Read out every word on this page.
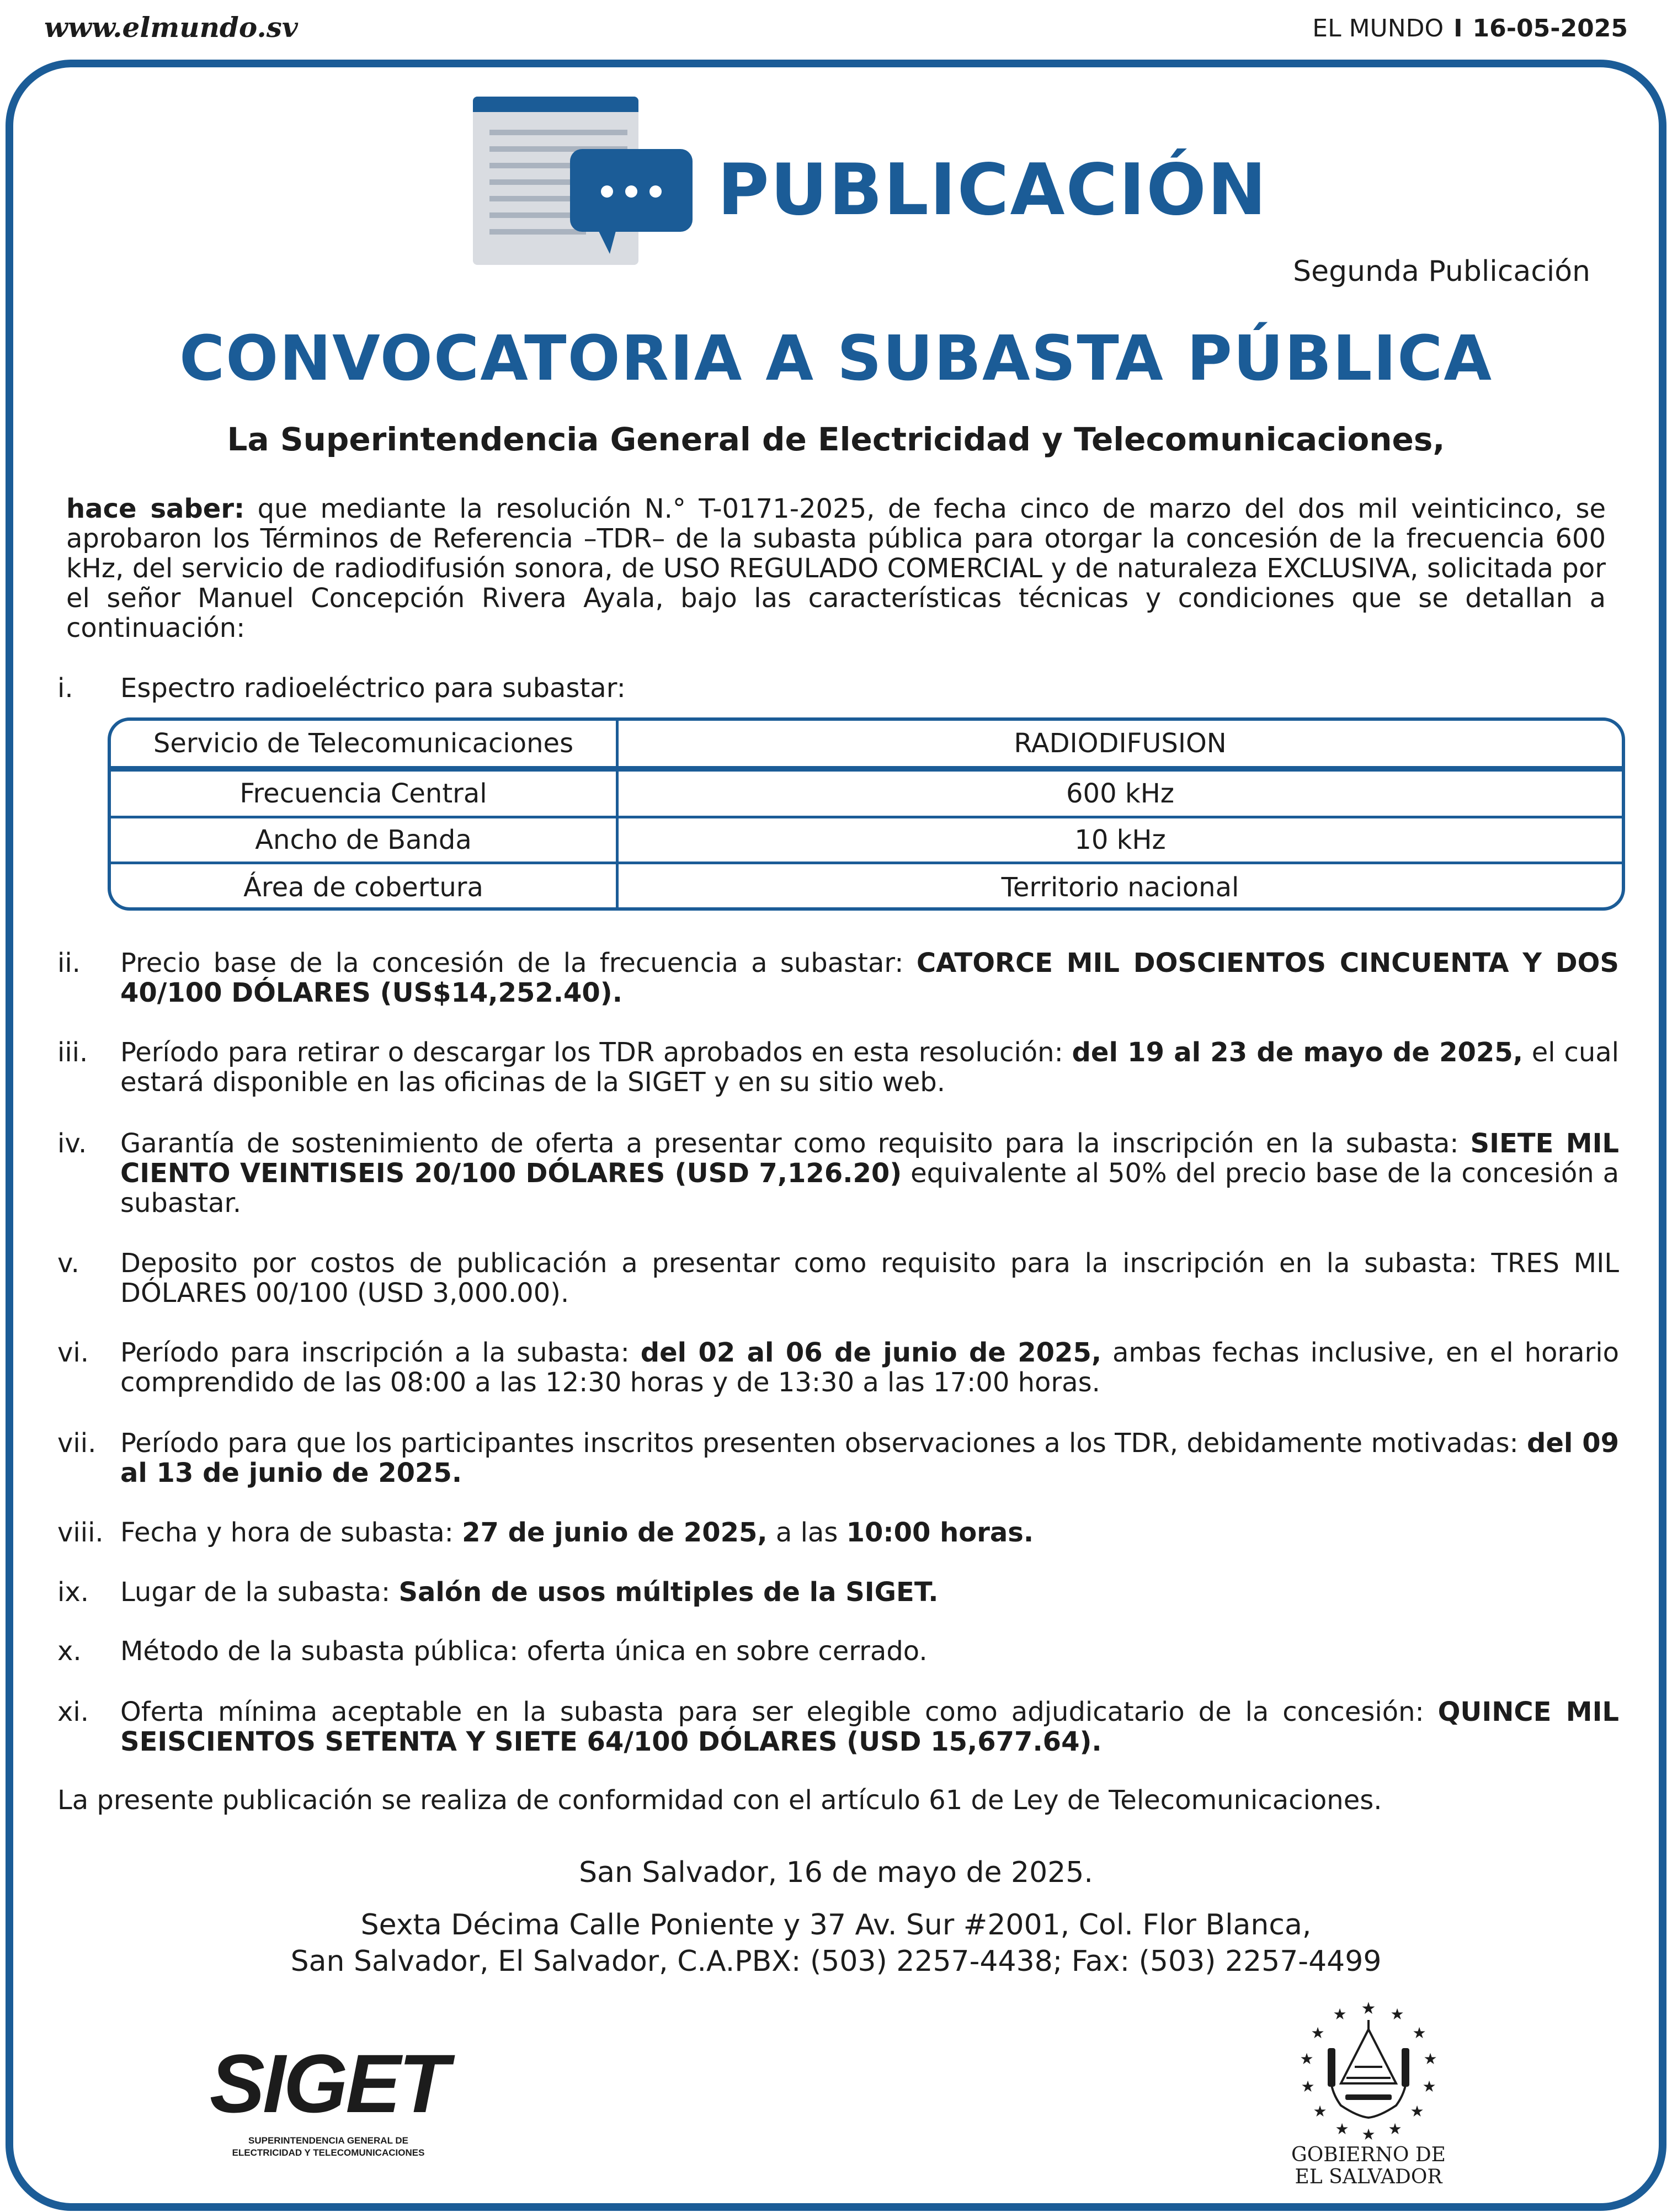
www.elmundo.sv	EL MUNDO I 16-05-2025
PUBLICACIÓN
Segunda Publicación
CONVOCATORIA A SUBASTA PÚBLICA
La Superintendencia General de Electricidad y Telecomunicaciones,
hace saber: que mediante la resolución N.° T-0171-2025, de fecha cinco de marzo del dos mil veinticinco, se aprobaron los Términos de Referencia –TDR– de la subasta pública para otorgar la concesión de la frecuencia 600 kHz, del servicio de radiodifusión sonora, de USO REGULADO COMERCIAL y de naturaleza EXCLUSIVA, solicitada por el señor Manuel Concepción Rivera Ayala, bajo las características técnicas y condiciones que se detallan a continuación:
i.	Espectro radioeléctrico para subastar:
Servicio de Telecomunicaciones	RADIODIFUSION
Frecuencia Central	600 kHz
Ancho de Banda	10 kHz
Área de cobertura	Territorio nacional
ii.	Precio base de la concesión de la frecuencia a subastar: CATORCE MIL DOSCIENTOS CINCUENTA Y DOS 40/100 DÓLARES (US$14,252.40).
iii.	Período para retirar o descargar los TDR aprobados en esta resolución: del 19 al 23 de mayo de 2025, el cual estará disponible en las oficinas de la SIGET y en su sitio web.
iv.	Garantía de sostenimiento de oferta a presentar como requisito para la inscripción en la subasta: SIETE MIL CIENTO VEINTISEIS 20/100 DÓLARES (USD 7,126.20) equivalente al 50% del precio base de la concesión a subastar.
v.	Deposito por costos de publicación a presentar como requisito para la inscripción en la subasta: TRES MIL DÓLARES 00/100 (USD 3,000.00).
vi.	Período para inscripción a la subasta: del 02 al 06 de junio de 2025, ambas fechas inclusive, en el horario comprendido de las 08:00 a las 12:30 horas y de 13:30 a las 17:00 horas.
vii. Período para que los participantes inscritos presenten observaciones a los TDR, debidamente motivadas: del 09 al 13 de junio de 2025.
viii. Fecha y hora de subasta: 27 de junio de 2025, a las 10:00 horas.
ix.	Lugar de la subasta: Salón de usos múltiples de la SIGET.
x.	Método de la subasta pública: oferta única en sobre cerrado.
xi.	Oferta mínima aceptable en la subasta para ser elegible como adjudicatario de la concesión: QUINCE MIL SEISCIENTOS SETENTA Y SIETE 64/100 DÓLARES (USD 15,677.64).
La presente publicación se realiza de conformidad con el artículo 61 de Ley de Telecomunicaciones.
San Salvador, 16 de mayo de 2025.
Sexta Décima Calle Poniente y 37 Av. Sur #2001, Col. Flor Blanca,
San Salvador, El Salvador, C.A.PBX: (503) 2257-4438; Fax: (503) 2257-4499
SIGET
SUPERINTENDENCIA GENERAL DE
ELECTRICIDAD Y TELECOMUNICACIONES
★
★	★
★	★
★	★
★	★
★	★
★	★
★
GOBIERNO DE
EL SALVADOR
